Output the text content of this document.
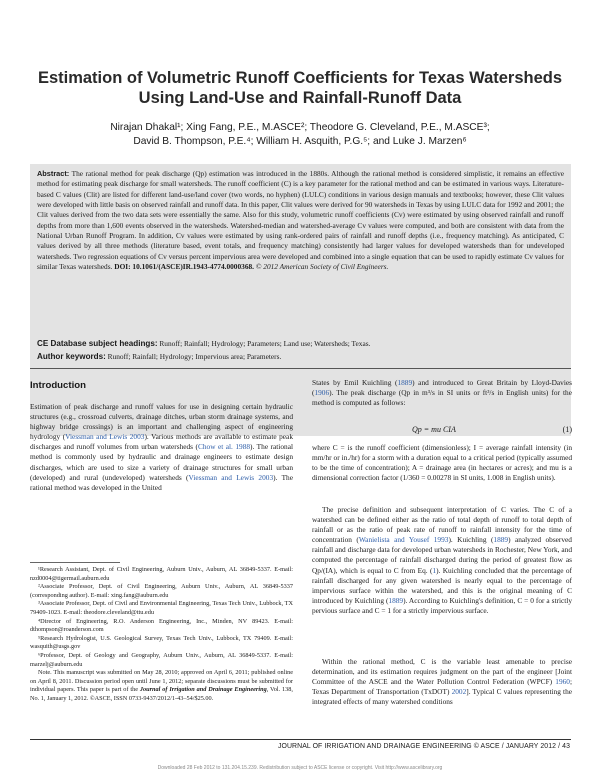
Estimation of Volumetric Runoff Coefficients for Texas Watersheds Using Land-Use and Rainfall-Runoff Data
Nirajan Dhakal¹; Xing Fang, P.E., M.ASCE²; Theodore G. Cleveland, P.E., M.ASCE³;
David B. Thompson, P.E.⁴; William H. Asquith, P.G.⁵; and Luke J. Marzen⁶

Abstract: The rational method for peak discharge (Qp) estimation was introduced in the 1880s. Although the rational method is considered simplistic, it remains an effective method for estimating peak discharge for small watersheds. The runoff coefficient (C) is a key parameter for the rational method and can be estimated in various ways. Literature-based C values (Clit) are listed for different land-use/land cover (two words, no hyphen) (LULC) conditions in various design manuals and textbooks; however, these Clit values were developed with little basis on observed rainfall and runoff data. In this paper, Clit values were derived for 90 watersheds in Texas by using LULC data for 1992 and 2001; the Clit values derived from the two data sets were essentially the same. Also for this study, volumetric runoff coefficients (Cv) were estimated by using observed rainfall and runoff depths from more than 1,600 events observed in the watersheds. Watershed-median and watershed-average Cv values were computed, and both are consistent with data from the National Urban Runoff Program. In addition, Cv values were estimated by using rank-ordered pairs of rainfall and runoff depths (i.e., frequency matching). As anticipated, C values derived by all three methods (literature based, event totals, and frequency matching) consistently had larger values for developed watersheds than for undeveloped watersheds. Two regression equations of Cv versus percent impervious area were developed and combined into a single equation that can be used to rapidly estimate Cv values for similar Texas watersheds. DOI: 10.1061/(ASCE)IR.1943-4774.0000368. © 2012 American Society of Civil Engineers.

CE Database subject headings: Runoff; Rainfall; Hydrology; Parameters; Land use; Watersheds; Texas.

Author keywords: Runoff; Rainfall; Hydrology; Impervious area; Parameters.

Introduction

Estimation of peak discharge and runoff values for use in designing certain hydraulic structures (e.g., crossroad culverts, drainage ditches, urban storm drainage systems, and highway bridge crossings) is an important and challenging aspect of engineering hydrology (Viessman and Lewis 2003). Various methods are available to estimate peak discharges and runoff volumes from urban watersheds (Chow et al. 1988). The rational method is commonly used by hydraulic and drainage engineers to estimate design discharges, which are used to size a variety of drainage structures for small urban (developed) and rural (undeveloped) watersheds (Viessman and Lewis 2003). The rational method was developed in the United

¹Research Assistant, Dept. of Civil Engineering, Auburn Univ., Auburn, AL 36849-5337. E-mail: nzd0004@tigermail.auburn.edu
²Associate Professor, Dept. of Civil Engineering, Auburn Univ., Auburn, AL 36849-5337 (corresponding author). E-mail: xing.fang@auburn.edu
³Associate Professor, Dept. of Civil and Environmental Engineering, Texas Tech Univ., Lubbock, TX 79409-1023. E-mail: theodore.cleveland@ttu.edu
⁴Director of Engineering, R.O. Anderson Engineering, Inc., Minden, NV 89423. E-mail: dthompson@roanderson.com
⁵Research Hydrologist, U.S. Geological Survey, Texas Tech Univ., Lubbock, TX 79409. E-mail: wasquith@usgs.gov
⁶Professor, Dept. of Geology and Geography, Auburn Univ., Auburn, AL 36849-5337. E-mail: marzelj@auburn.edu
Note. This manuscript was submitted on May 28, 2010; approved on April 6, 2011; published online on April 8, 2011. Discussion period open until June 1, 2012; separate discussions must be submitted for individual papers. This paper is part of the Journal of Irrigation and Drainage Engineering, Vol. 138, No. 1, January 1, 2012. ©ASCE, ISSN 0733-9437/2012/1-43–54/$25.00.

States by Emil Kuichling (1889) and introduced to Great Britain by Lloyd-Davies (1906). The peak discharge (Qp in m³/s in SI units or ft³/s in English units) for the method is computed as follows:

Qp = mu CIA	(1)

where C = is the runoff coefficient (dimensionless); I = average rainfall intensity (in mm/hr or in./hr) for a storm with a duration equal to a critical period (typically assumed to be the time of concentration); A = drainage area (in hectares or acres); and mu is a dimensional correction factor (1/360 = 0.00278 in SI units, 1.008 in English units).

The precise definition and subsequent interpretation of C varies. The C of a watershed can be defined either as the ratio of total depth of runoff to total depth of rainfall or as the ratio of peak rate of runoff to rainfall intensity for the time of concentration (Wanielista and Yousef 1993). Kuichling (1889) analyzed observed rainfall and discharge data for developed urban watersheds in Rochester, New York, and computed the percentage of rainfall discharged during the period of greatest flow as Qp/(IA), which is equal to C from Eq. (1). Kuichling concluded that the percentage of rainfall discharged for any given watershed is nearly equal to the percentage of impervious surface within the watershed, and this is the original meaning of C introduced by Kuichling (1889). According to Kuichling's definition, C = 0 for a strictly pervious surface and C = 1 for a strictly impervious surface.

Within the rational method, C is the variable least amenable to precise determination, and its estimation requires judgment on the part of the engineer [Joint Committee of the ASCE and the Water Pollution Control Federation (WPCF) 1960; Texas Department of Transportation (TxDOT) 2002]. Typical C values representing the integrated effects of many watershed conditions

JOURNAL OF IRRIGATION AND DRAINAGE ENGINEERING © ASCE / JANUARY 2012 / 43

Downloaded 28 Feb 2012 to 131.204.15.239. Redistribution subject to ASCE license or copyright. Visit http://www.ascelibrary.org
